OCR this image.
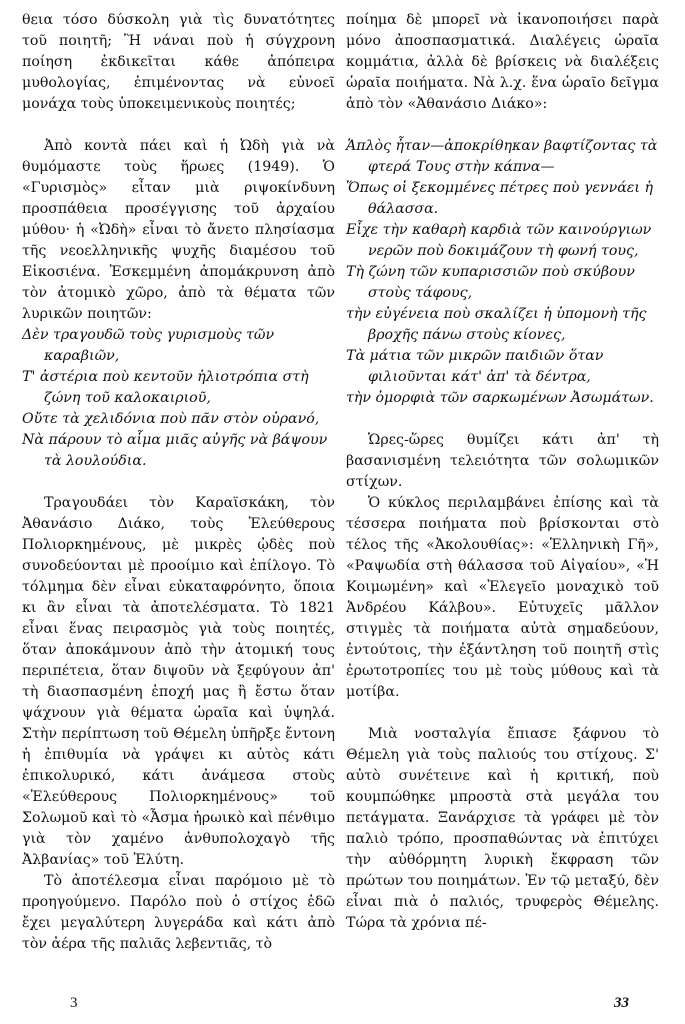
θεια τόσο δύσκολη γιὰ τὶς δυνατότητες τοῦ ποιητῆ; Ἢ νάναι ποὺ ἡ σύγχρονη ποίηση ἐκδικεῖται κάθε ἀπόπειρα μυθολογίας, ἐπιμένοντας νὰ εὐνοεῖ μονάχα τοὺς ὑποκειμενικοὺς ποιητές;

Ἀπὸ κοντὰ πάει καὶ ἡ Ὠδὴ γιὰ νὰ θυμόμαστε τοὺς ἥρωες (1949). Ὁ «Γυρισμὸς» εἶταν μιὰ ριψοκίνδυνη προσπάθεια προσέγγισης τοῦ ἀρχαίου μύθου· ἡ «Ὠδὴ» εἶναι τὸ ἄνετο πλησίασμα τῆς νεοελληνικῆς ψυχῆς διαμέσου τοῦ Εἰκοσιένα. Ἐσκεμμένη ἀπομάκρυνση ἀπὸ τὸν ἀτομικὸ χῶρο, ἀπὸ τὰ θέματα τῶν λυρικῶν ποιητῶν:

Δὲν τραγουδῶ τοὺς γυρισμοὺς τῶν καραβιῶν,
Τ' ἀστέρια ποὺ κεντοῦν ἡλιοτρόπια στὴ ζώνη τοῦ καλοκαιριοῦ,
Οὔτε τὰ χελιδόνια ποὺ πᾶν στὸν οὐρανό,
Νὰ πάρουν τὸ αἷμα μιᾶς αὐγῆς νὰ βάψουν τὰ λουλούδια.

Τραγουδάει τὸν Καραϊσκάκη, τὸν Ἀθανάσιο Διάκο, τοὺς Ἐλεύθερους Πολιορκημένους, μὲ μικρὲς ᾠδὲς ποὺ συνοδεύονται μὲ προοίμιο καὶ ἐπίλογο. Τὸ τόλμημα δὲν εἶναι εὐκαταφρόνητο, ὅποια κι ἂν εἶναι τὰ ἀποτελέσματα. Τὸ 1821 εἶναι ἕνας πειρασμὸς γιὰ τοὺς ποιητές, ὅταν ἀποκάμνουν ἀπὸ τὴν ἀτομική τους περιπέτεια, ὅταν διψοῦν νὰ ξεφύγουν ἀπ' τὴ διασπασμένη ἐποχή μας ἢ ἔστω ὅταν ψάχνουν γιὰ θέματα ὡραῖα καὶ ὑψηλά. Στὴν περίπτωση τοῦ Θέμελη ὑπῆρξε ἔντονη ἡ ἐπιθυμία νὰ γράψει κι αὐτὸς κάτι ἐπικολυρικό, κάτι ἀνάμεσα στοὺς «Ἐλεύθερους Πολιορκημένους» τοῦ Σολωμοῦ καὶ τὸ «Ἆσμα ἡρωικὸ καὶ πένθιμο γιὰ τὸν χαμένο ἀνθυπολοχαγὸ τῆς Ἀλβανίας» τοῦ Ἐλύτη.

Τὸ ἀποτέλεσμα εἶναι παρόμοιο μὲ τὸ προηγούμενο. Παρόλο ποὺ ὁ στίχος ἐδῶ ἔχει μεγαλύτερη λυγεράδα καὶ κάτι ἀπὸ τὸν ἀέρα τῆς παλιᾶς λεβεντιᾶς, τὸ

ποίημα δὲ μπορεῖ νὰ ἱκανοποιήσει παρὰ μόνο ἀποσπασματικά. Διαλέγεις ὡραῖα κομμάτια, ἀλλὰ δὲ βρίσκεις νὰ διαλέξεις ὡραῖα ποιήματα. Νὰ λ.χ. ἕνα ὡραῖο δεῖγμα ἀπὸ τὸν «Ἀθανάσιο Διάκο»:

Ἁπλὸς ἦταν—ἀποκρίθηκαν βαφτίζοντας τὰ φτερά Τους στὴν κάπνα—
Ὅπως οἱ ξεκομμένες πέτρες ποὺ γεννάει ἡ θάλασσα.
Εἶχε τὴν καθαρὴ καρδιὰ τῶν καινούργιων νερῶν ποὺ δοκιμάζουν τὴ φωνή τους,
Τὴ ζώνη τῶν κυπαρισσιῶν ποὺ σκύβουν στοὺς τάφους,
τὴν εὐγένεια ποὺ σκαλίζει ἡ ὑπομονὴ τῆς βροχῆς πάνω στοὺς κίονες,
Τὰ μάτια τῶν μικρῶν παιδιῶν ὅταν φιλιοῦνται κάτ' ἀπ' τὰ δέντρα,
τὴν ὀμορφιὰ τῶν σαρκωμένων Ἀσωμάτων.

Ὡρες-ὥρες θυμίζει κάτι ἀπ' τὴ βασανισμένη τελειότητα τῶν σολωμικῶν στίχων.

Ὁ κύκλος περιλαμβάνει ἐπίσης καὶ τὰ τέσσερα ποιήματα ποὺ βρίσκονται στὸ τέλος τῆς «Ἀκολουθίας»: «Ἑλληνικὴ Γῆ», «Ραψωδία στὴ θάλασσα τοῦ Αἰγαίου», «Ἡ Κοιμωμένη» καὶ «Ἐλεγεῖο μοναχικὸ τοῦ Ἀνδρέου Κάλβου». Εὐτυχεῖς μᾶλλον στιγμὲς τὰ ποιήματα αὐτὰ σημαδεύουν, ἐντούτοις, τὴν ἐξάντληση τοῦ ποιητῆ στὶς ἐρωτοτροπίες του μὲ τοὺς μύθους καὶ τὰ μοτίβα.

Μιὰ νοσταλγία ἔπιασε ξάφνου τὸ Θέμελη γιὰ τοὺς παλιούς του στίχους. Σ' αὐτὸ συνέτεινε καὶ ἡ κριτική, ποὺ κουμπώθηκε μπροστὰ στὰ μεγάλα του πετάγματα. Ξανάρχισε τὰ γράφει μὲ τὸν παλιὸ τρόπο, προσπαθώντας νὰ ἐπιτύχει τὴν αὐθόρμητη λυρικὴ ἔκφραση τῶν πρώτων του ποιημάτων. Ἐν τῷ μεταξύ, δὲν εἶναι πιὰ ὁ παλιός, τρυφερὸς Θέμελης. Τώρα τὰ χρόνια πέ-

3	33
